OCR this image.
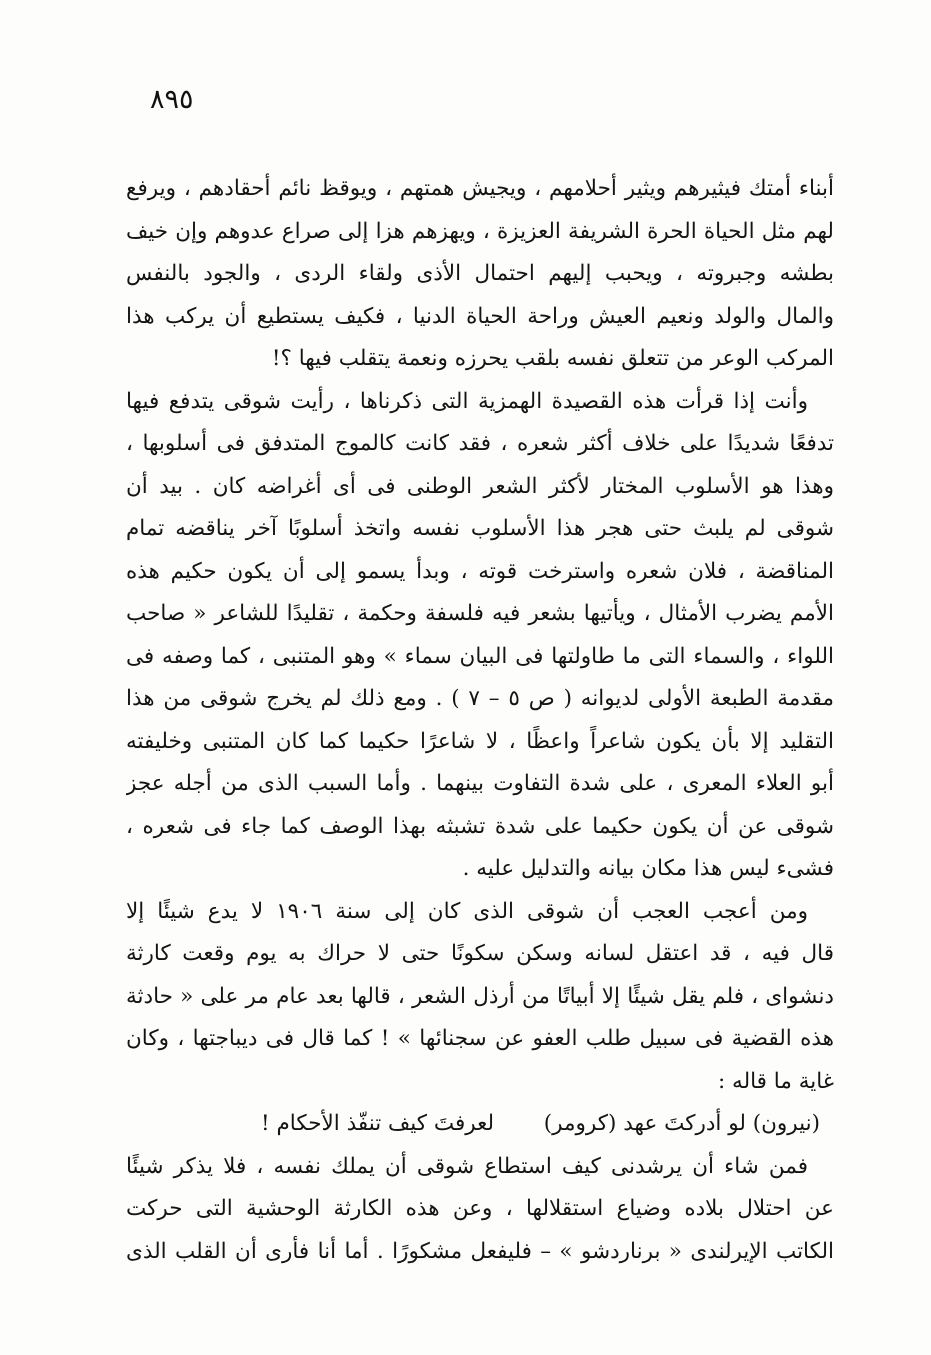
٨٩٥
أبناء أمتك فيثيرهم ويثير أحلامهم ، ويجيش همتهم ، ويوقظ نائم أحقادهم ، ويرفع
لهم مثل الحياة الحرة الشريفة العزيزة ، ويهزهم هزا إلى صراع عدوهم وإن خيف
بطشه وجبروته ، ويحبب إليهم احتمال الأذى ولقاء الردى ، والجود بالنفس
والمال والولد ونعيم العيش وراحة الحياة الدنيا ، فكيف يستطيع أن يركب هذا
المركب الوعر من تتعلق نفسه بلقب يحرزه ونعمة يتقلب فيها ؟!
وأنت إذا قرأت هذه القصيدة الهمزية التى ذكرناها ، رأيت شوقى يتدفع فيها
تدفعًا شديدًا على خلاف أكثر شعره ، فقد كانت كالموج المتدفق فى أسلوبها ،
وهذا هو الأسلوب المختار لأكثر الشعر الوطنى فى أى أغراضه كان . بيد أن
شوقى لم يلبث حتى هجر هذا الأسلوب نفسه واتخذ أسلوبًا آخر يناقضه تمام
المناقضة ، فلان شعره واسترخت قوته ، وبدأ يسمو إلى أن يكون حكيم هذه
الأمم يضرب الأمثال ، ويأتيها بشعر فيه فلسفة وحكمة ، تقليدًا للشاعر « صاحب
اللواء ، والسماء التى ما طاولتها فى البيان سماء » وهو المتنبى ، كما وصفه فى
مقدمة الطبعة الأولى لديوانه ( ص ٥ – ٧ ) . ومع ذلك لم يخرج شوقى من هذا
التقليد إلا بأن يكون شاعراً واعظًا ، لا شاعرًا حكيما كما كان المتنبى وخليفته
أبو العلاء المعرى ، على شدة التفاوت بينهما . وأما السبب الذى من أجله عجز
شوقى عن أن يكون حكيما على شدة تشبثه بهذا الوصف كما جاء فى شعره ،
فشىء ليس هذا مكان بيانه والتدليل عليه .
ومن أعجب العجب أن شوقى الذى كان إلى سنة ١٩٠٦ لا يدع شيئًا إلا
قال فيه ، قد اعتقل لسانه وسكن سكونًا حتى لا حراك به يوم وقعت كارثة
دنشواى ، فلم يقل شيئًا إلا أبياتًا من أرذل الشعر ، قالها بعد عام مر على « حادثة
هذه القضية فى سبيل طلب العفو عن سجنائها » ! كما قال فى ديباجتها ، وكان
غاية ما قاله :
(نيرون) لو أدركتَ عهد (كرومر)
لعرفتَ كيف تنفّذ الأحكام !
فمن شاء أن يرشدنى كيف استطاع شوقى أن يملك نفسه ، فلا يذكر شيئًا
عن احتلال بلاده وضياع استقلالها ، وعن هذه الكارثة الوحشية التى حركت
الكاتب الإيرلندى « برناردشو » – فليفعل مشكورًا . أما أنا فأرى أن القلب الذى
